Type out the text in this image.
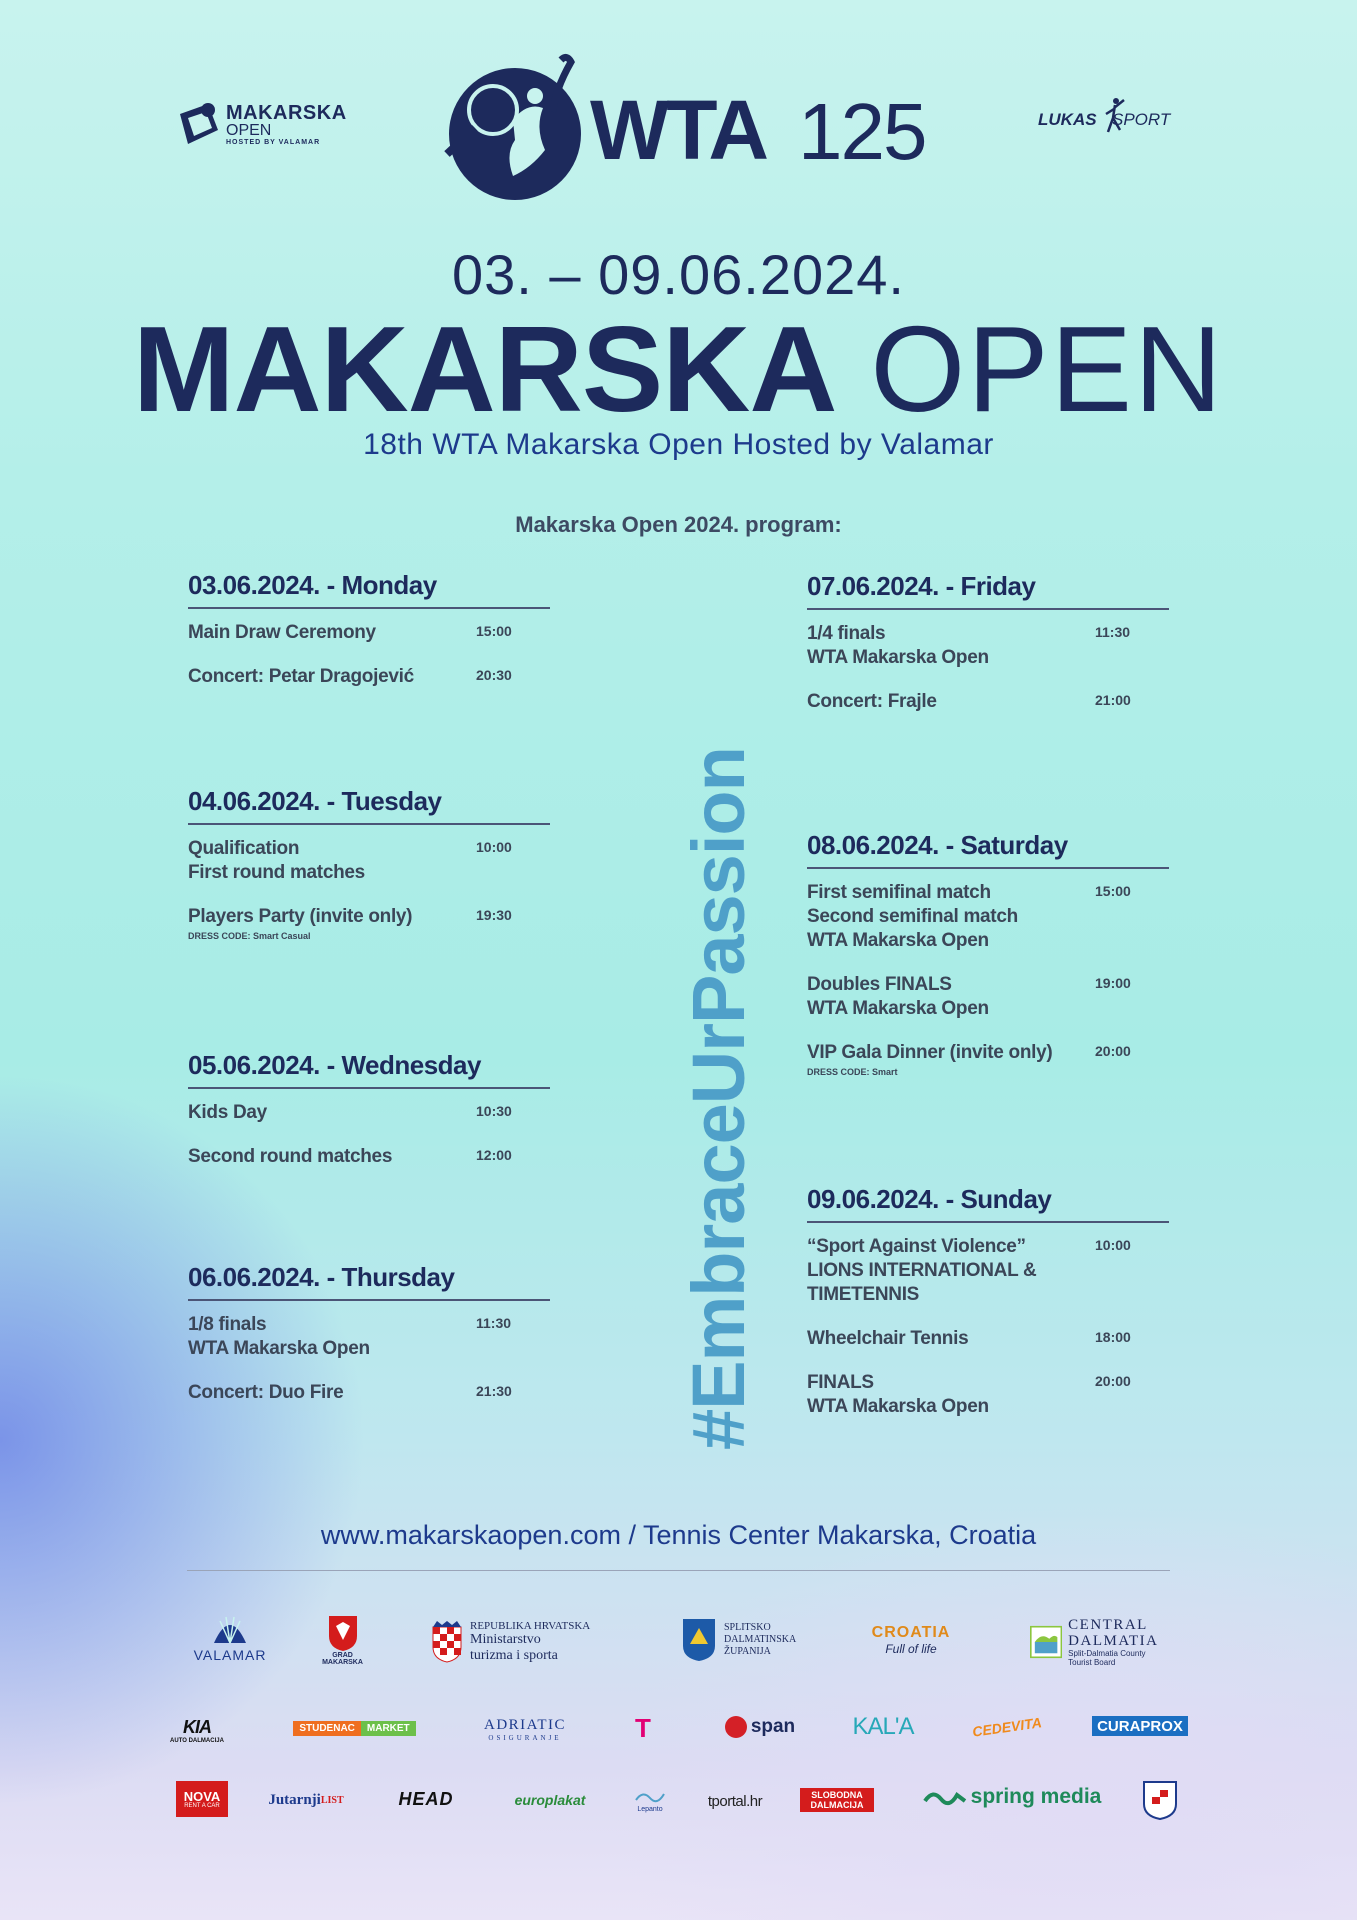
MAKARSKA
OPEN
HOSTED BY VALAMAR	WTA 125	LUKAS SPORT
03. – 09.06.2024.
MAKARSKA OPEN
18th WTA Makarska Open Hosted by Valamar
Makarska Open 2024. program:
#EmbraceUrPassion
03.06.2024. - Monday
Main Draw Ceremony	15:00
Concert: Petar Dragojević	20:30
04.06.2024. - Tuesday
Qualification
First round matches
10:00
Players Party (invite only)	19:30
DRESS CODE: Smart Casual
05.06.2024. - Wednesday
Kids Day	10:30
Second round matches	12:00
06.06.2024. - Thursday
1/8 finals
WTA Makarska Open
11:30
Concert: Duo Fire	21:30
07.06.2024. - Friday
1/4 finals
WTA Makarska Open
11:30
Concert: Frajle	21:00
08.06.2024. - Saturday
First semifinal match
Second semifinal match
WTA Makarska Open
15:00
Doubles FINALS
WTA Makarska Open
19:00
VIP Gala Dinner (invite only)	20:00
DRESS CODE: Smart
09.06.2024. - Sunday
“Sport Against Violence”
LIONS INTERNATIONAL &
TIMETENNIS
10:00
Wheelchair Tennis	18:00
FINALS
WTA Makarska Open
20:00
www.makarskaopen.com / Tennis Center Makarska, Croatia
VALAMAR	GRAD MAKARSKA
REPUBLIKA HRVATSKA
Ministarstvo
turizma i sporta
SPLITSKO
DALMATINSKA
ŽUPANIJA
CROATIA
Full of life
CENTRAL
DALMATIA
Split-Dalmatia County Tourist Board
KIA
AUTO DALMACIJA
STUDENAC	MARKET	ADRIATIC
OSIGURANJE	T	span KAL'A	CEDEVITA	CURAPROX
NOVA
RENT A CAR	Jutarnji LIST	HEAD	europlakat
Lepanto	tportal.hr	SLOBODNA
DALMACIJA	spring media
